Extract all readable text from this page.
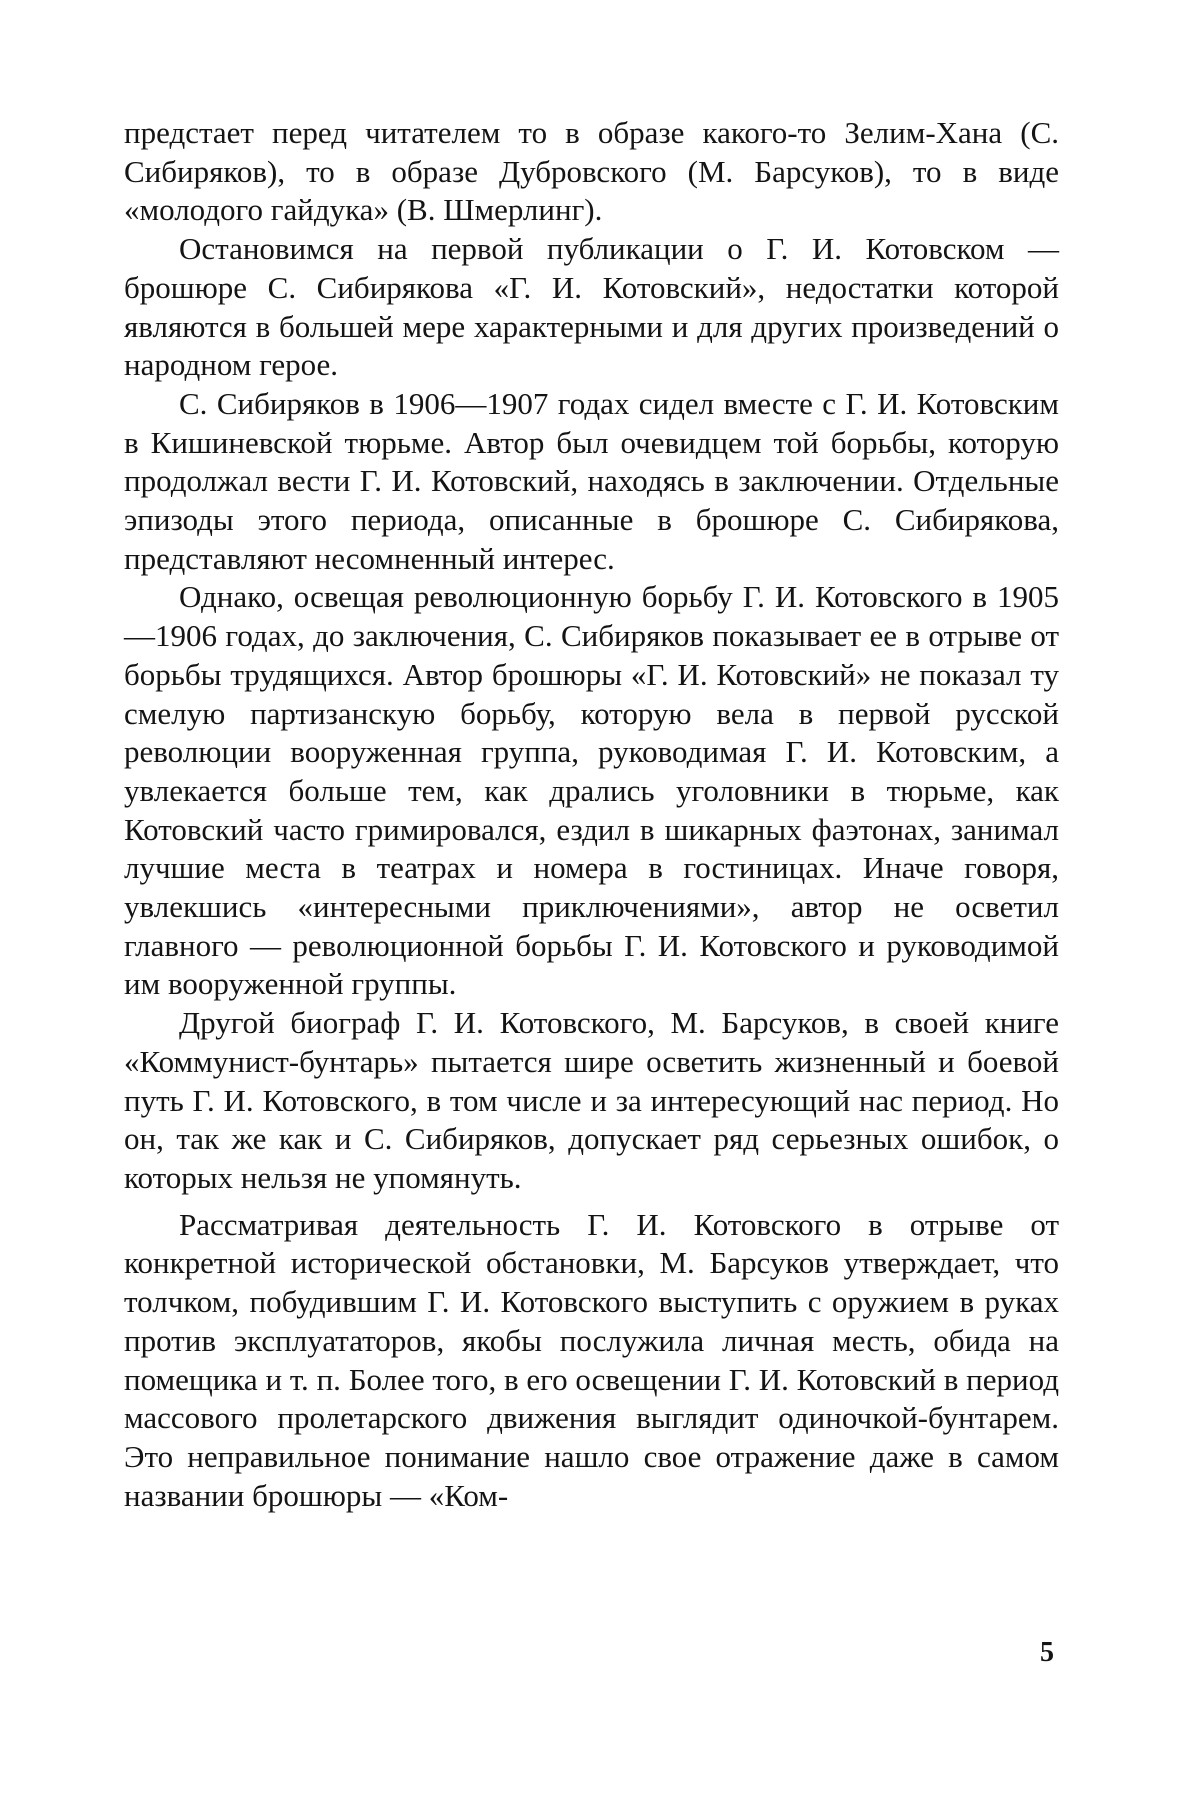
предстает перед читателем то в образе какого-то Зелим-Хана (С. Сибиряков), то в образе Дубровского (М. Барсуков), то в виде «молодого гайдука» (В. Шмерлинг).

Остановимся на первой публикации о Г. И. Котовском — брошюре С. Сибирякова «Г. И. Котовский», недостатки которой являются в большей мере характерными и для других произведений о народном герое.

С. Сибиряков в 1906—1907 годах сидел вместе с Г. И. Котовским в Кишиневской тюрьме. Автор был очевидцем той борьбы, которую продолжал вести Г. И. Котовский, находясь в заключении. Отдельные эпизоды этого периода, описанные в брошюре С. Сибирякова, представляют несомненный интерес.

Однако, освещая революционную борьбу Г. И. Котовского в 1905—1906 годах, до заключения, С. Сибиряков показывает ее в отрыве от борьбы трудящихся. Автор брошюры «Г. И. Котовский» не показал ту смелую партизанскую борьбу, которую вела в первой русской революции вооруженная группа, руководимая Г. И. Котовским, а увлекается больше тем, как дрались уголовники в тюрьме, как Котовский часто гримировался, ездил в шикарных фаэтонах, занимал лучшие места в театрах и номера в гостиницах. Иначе говоря, увлекшись «интересными приключениями», автор не осветил главного — революционной борьбы Г. И. Котовского и руководимой им вооруженной группы.

Другой биограф Г. И. Котовского, М. Барсуков, в своей книге «Коммунист-бунтарь» пытается шире осветить жизненный и боевой путь Г. И. Котовского, в том числе и за интересующий нас период. Но он, так же как и С. Сибиряков, допускает ряд серьезных ошибок, о которых нельзя не упомянуть.

Рассматривая деятельность Г. И. Котовского в отрыве от конкретной исторической обстановки, М. Барсуков утверждает, что толчком, побудившим Г. И. Котовского выступить с оружием в руках против эксплуататоров, якобы послужила личная месть, обида на помещика и т. п. Более того, в его освещении Г. И. Котовский в период массового пролетарского движения выглядит одиночкой-бунтарем. Это неправильное понимание нашло свое отражение даже в самом названии брошюры — «Ком-

5
